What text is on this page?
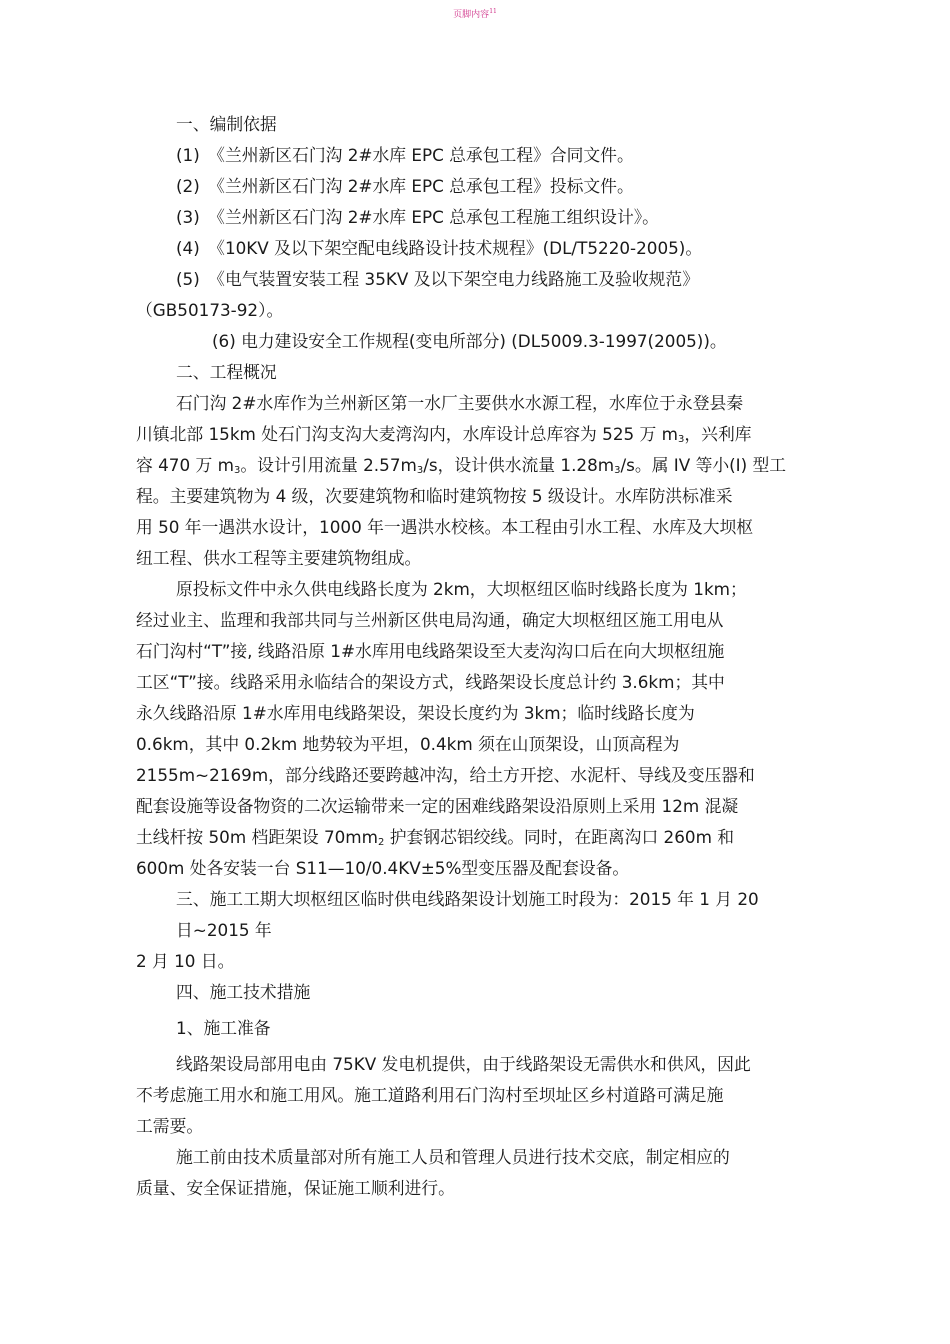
页脚内容$^{11}$
一、编制依据
(1)　《兰州新区石门沟 2#水库 EPC 总承包工程》合同文件。
(2)　《兰州新区石门沟 2#水库 EPC 总承包工程》投标文件。
(3)　《兰州新区石门沟 2#水库 EPC 总承包工程施工组织设计》。
(4)　《10KV 及以下架空配电线路设计技术规程》(DL/T5220-2005)。
(5)　《电气装置安装工程 35KV 及以下架空电力线路施工及验收规范》
（GB50173-92）。
(6) 电力建设安全工作规程(变电所部分) (DL5009.3-1997(2005))。
二、工程概况
石门沟 2#水库作为兰州新区第一水厂主要供水水源工程，水库位于永登县秦
川镇北部 15km 处石门沟支沟大麦湾沟内，水库设计总库容为 525 万 $m_3$，兴利库
容 470 万 $m_3$。设计引用流量 $2.57m_3/s$，设计供水流量 $1.28m_3/s$。属 IV 等小(I) 型工
程。主要建筑物为 4 级，次要建筑物和临时建筑物按 5 级设计。水库防洪标准采
用 50 年一遇洪水设计，1000 年一遇洪水校核。本工程由引水工程、水库及大坝枢
纽工程、供水工程等主要建筑物组成。
原投标文件中永久供电线路长度为 2km，大坝枢纽区临时线路长度为 1km；
经过业主、监理和我部共同与兰州新区供电局沟通，确定大坝枢纽区施工用电从
石门沟村“T”接, 线路沿原 1#水库用电线路架设至大麦沟沟口后在向大坝枢纽施
工区“T”接。线路采用永临结合的架设方式，线路架设长度总计约 3.6km；其中
永久线路沿原 1#水库用电线路架设，架设长度约为 3km；临时线路长度为
0.6km，其中 0.2km 地势较为平坦，0.4km 须在山顶架设，山顶高程为
2155m~2169m，部分线路还要跨越冲沟，给土方开挖、水泥杆、导线及变压器和
配套设施等设备物资的二次运输带来一定的困难线路架设沿原则上采用 12m 混凝
土线杆按 50m 档距架设 $70mm_2$ 护套钢芯铝绞线。同时，在距离沟口 260m 和
600m 处各安装一台 S11—10/0.4KV±5%型变压器及配套设备。
三、施工工期大坝枢纽区临时供电线路架设计划施工时段为：2015 年 1 月 20
日~2015 年
2 月 10 日。
四、施工技术措施
1、施工准备
线路架设局部用电由 75KV 发电机提供，由于线路架设无需供水和供风，因此
不考虑施工用水和施工用风。施工道路利用石门沟村至坝址区乡村道路可满足施
工需要。
施工前由技术质量部对所有施工人员和管理人员进行技术交底，制定相应的
质量、安全保证措施，保证施工顺利进行。
